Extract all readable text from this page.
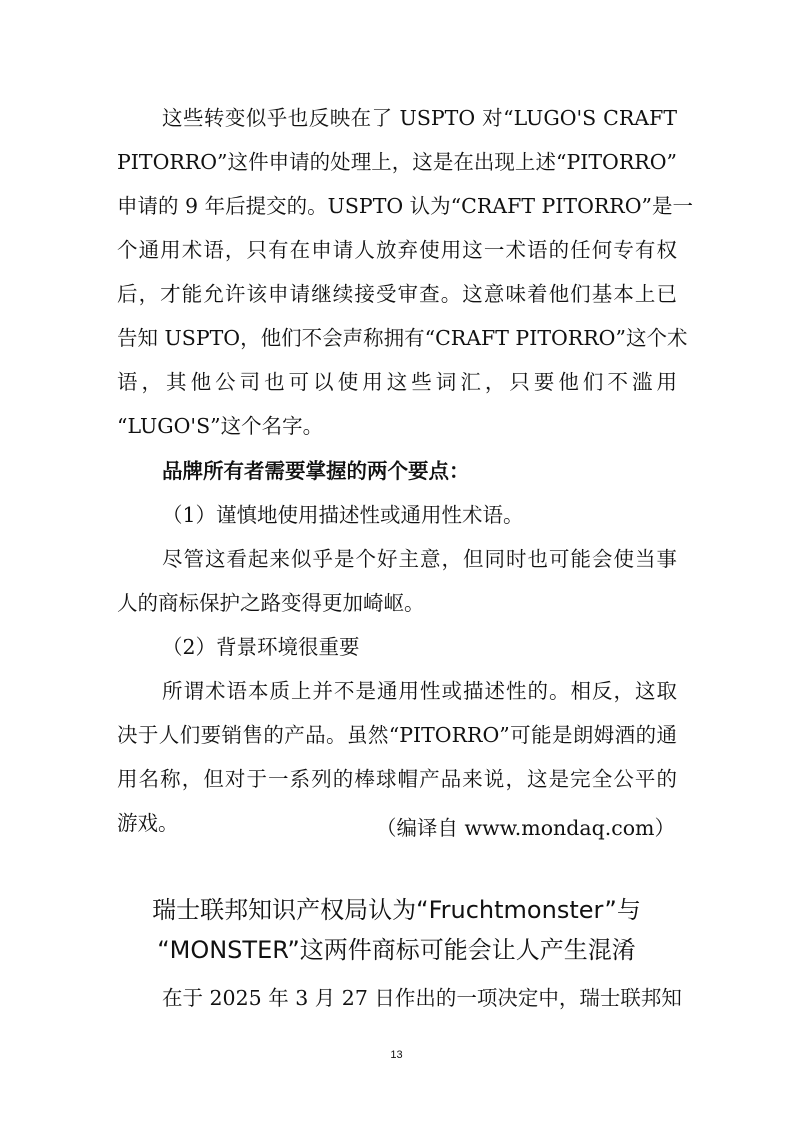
这些转变似乎也反映在了 USPTO 对“LUGO'S CRAFT
PITORRO”这件申请的处理上，这是在出现上述“PITORRO”
申请的 9 年后提交的。USPTO 认为“CRAFT PITORRO”是一
个通用术语，只有在申请人放弃使用这一术语的任何专有权
后，才能允许该申请继续接受审查。这意味着他们基本上已
告知 USPTO，他们不会声称拥有“CRAFT PITORRO”这个术
语，其他公司也可以使用这些词汇，只要他们不滥用
“LUGO'S”这个名字。
品牌所有者需要掌握的两个要点：
（1）谨慎地使用描述性或通用性术语。
尽管这看起来似乎是个好主意，但同时也可能会使当事
人的商标保护之路变得更加崎岖。
（2）背景环境很重要
所谓术语本质上并不是通用性或描述性的。相反，这取
决于人们要销售的产品。虽然“PITORRO”可能是朗姆酒的通
用名称，但对于一系列的棒球帽产品来说，这是完全公平的
游戏。	（编译自 www.mondaq.com）
瑞士联邦知识产权局认为“Fruchtmonster”与
“MONSTER”这两件商标可能会让人产生混淆
在于 2025 年 3 月 27 日作出的一项决定中，瑞士联邦知
13
